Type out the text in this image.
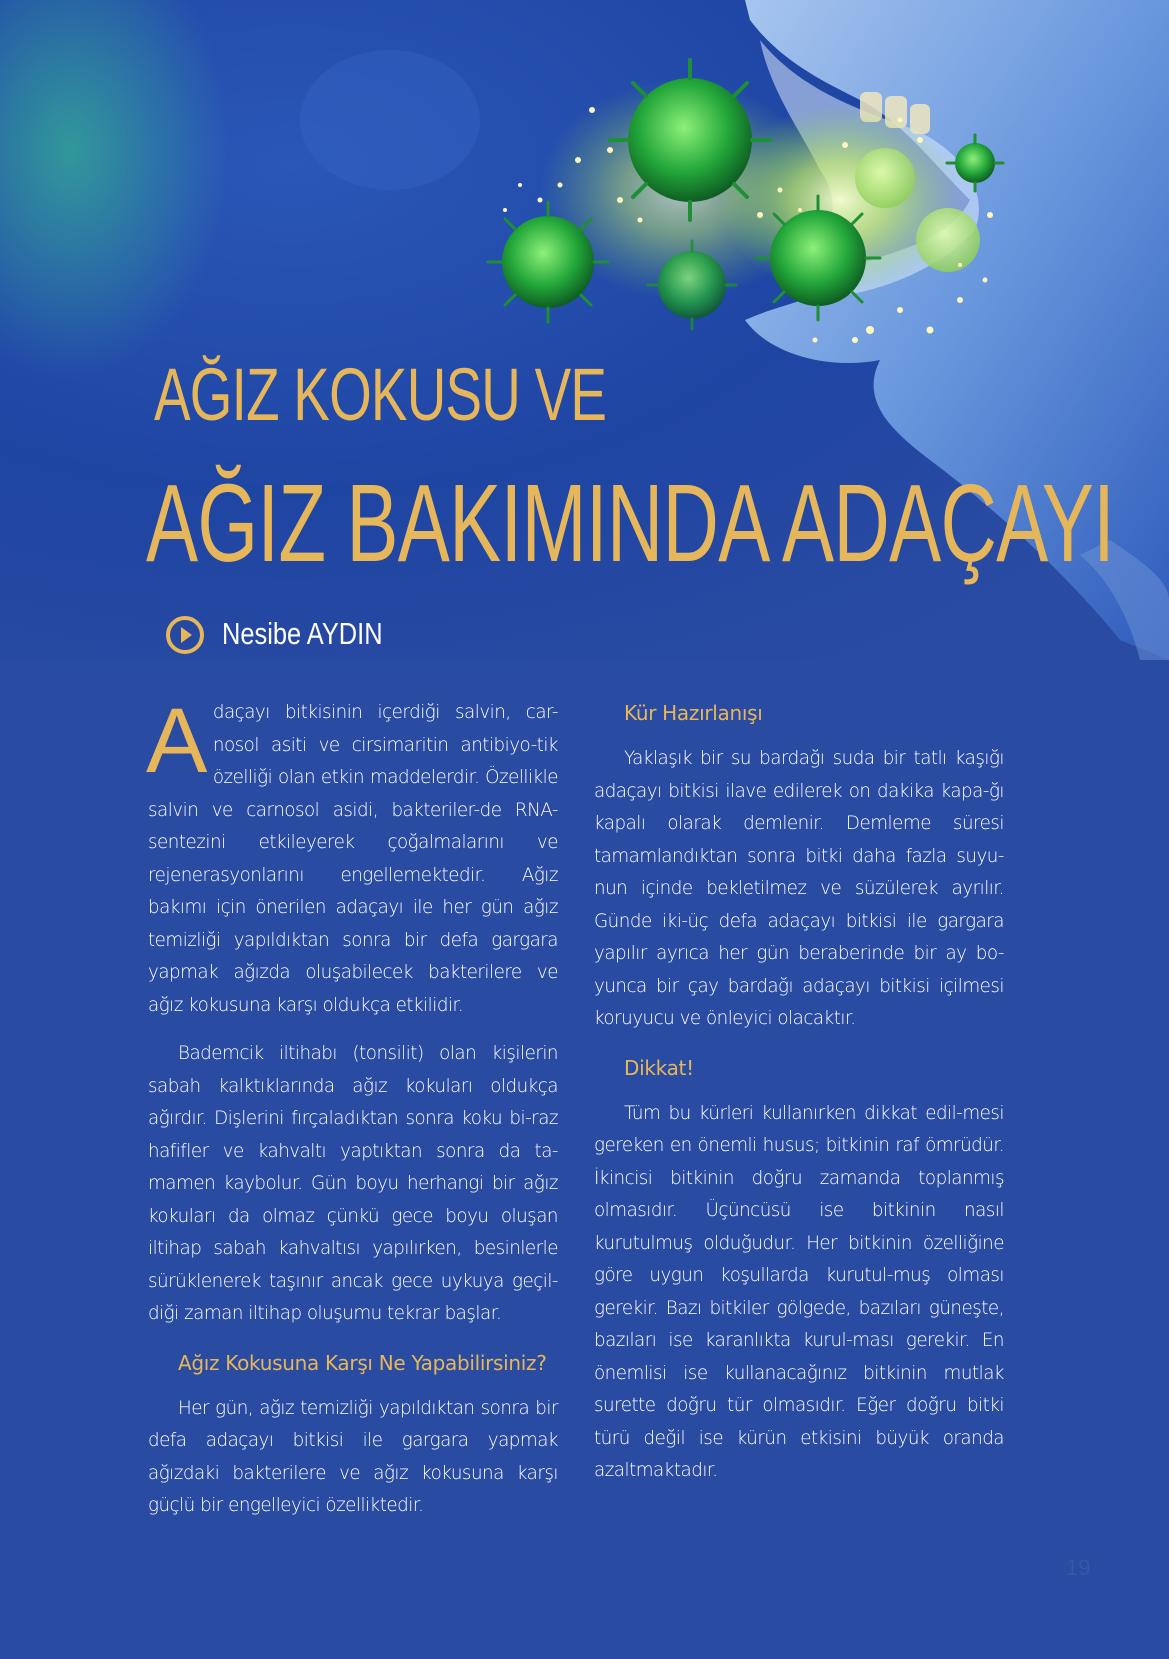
AĞIZ KOKUSU VE
AĞIZ BAKIMINDA ADAÇAYI
Nesibe AYDIN

Adaçayı bitkisinin içerdiği salvin, car-nosol asiti ve cirsimaritin antibiyo-tik özelliği olan etkin maddelerdir. Özellikle salvin ve carnosol asidi, bakteriler-de RNA-sentezini etkileyerek çoğalmalarını ve rejenerasyonlarını engellemektedir. Ağız bakımı için önerilen adaçayı ile her gün ağız temizliği yapıldıktan sonra bir defa gargara yapmak ağızda oluşabilecek bakterilere ve ağız kokusuna karşı oldukça etkilidir.

Bademcik iltihabı (tonsilit) olan kişilerin sabah kalktıklarında ağız kokuları oldukça ağırdır. Dişlerini fırçaladıktan sonra koku bi-raz hafifler ve kahvaltı yaptıktan sonra da ta-mamen kaybolur. Gün boyu herhangi bir ağız kokuları da olmaz çünkü gece boyu oluşan iltihap sabah kahvaltısı yapılırken, besinlerle sürüklenerek taşınır ancak gece uykuya geçil-diği zaman iltihap oluşumu tekrar başlar.

Ağız Kokusuna Karşı Ne Yapabilirsiniz?

Her gün, ağız temizliği yapıldıktan sonra bir defa adaçayı bitkisi ile gargara yapmak ağızdaki bakterilere ve ağız kokusuna karşı güçlü bir engelleyici özelliktedir.

Kür Hazırlanışı

Yaklaşık bir su bardağı suda bir tatlı kaşığı adaçayı bitkisi ilave edilerek on dakika kapa-ğı kapalı olarak demlenir. Demleme süresi tamamlandıktan sonra bitki daha fazla suyu-nun içinde bekletilmez ve süzülerek ayrılır. Günde iki-üç defa adaçayı bitkisi ile gargara yapılır ayrıca her gün beraberinde bir ay bo-yunca bir çay bardağı adaçayı bitkisi içilmesi koruyucu ve önleyici olacaktır.

Dikkat!

Tüm bu kürleri kullanırken dikkat edil-mesi gereken en önemli husus; bitkinin raf ömrüdür. İkincisi bitkinin doğru zamanda toplanmış olmasıdır. Üçüncüsü ise bitkinin nasıl kurutulmuş olduğudur. Her bitkinin özelliğine göre uygun koşullarda kurutul-muş olması gerekir. Bazı bitkiler gölgede, bazıları güneşte, bazıları ise karanlıkta kurul-ması gerekir. En önemlisi ise kullanacağınız bitkinin mutlak surette doğru tür olmasıdır. Eğer doğru bitki türü değil ise kürün etkisini büyük oranda azaltmaktadır.

19
